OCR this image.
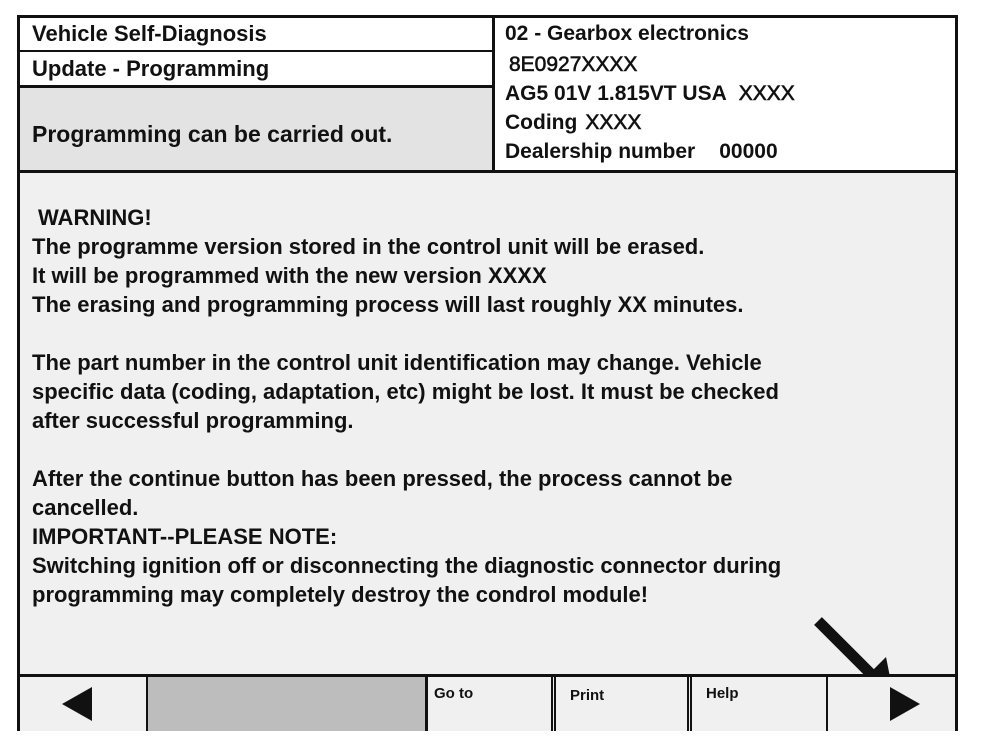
Vehicle Self-Diagnosis
Update - Programming
Programming can be carried out.
02 - Gearbox electronics
8E0927XXXX
AG5 01V 1.815VT USA XXXX
Coding XXXX
Dealership number 00000
WARNING!
The programme version stored in the control unit will be erased.
It will be programmed with the new version XXXX
The erasing and programming process will last roughly XX minutes.
The part number in the control unit identification may change. Vehicle
specific data (coding, adaptation, etc) might be lost. It must be checked
after successful programming.
After the continue button has been pressed, the process cannot be
cancelled.
IMPORTANT--PLEASE NOTE:
Switching ignition off or disconnecting the diagnostic connector during
programming may completely destroy the condrol module!
Go to	Print	Help
